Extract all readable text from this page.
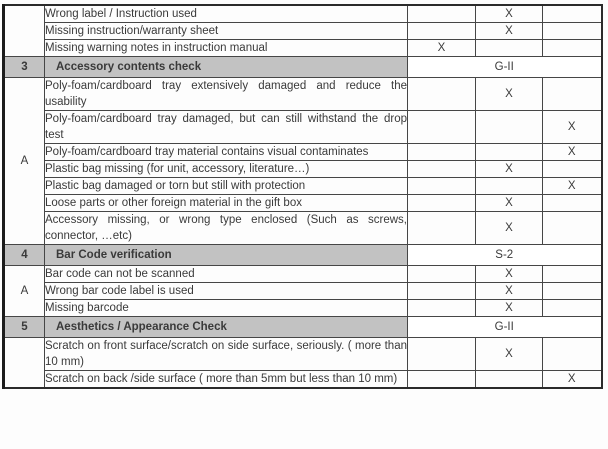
	Wrong label / Instruction used		X	
	Missing instruction/warranty sheet		X	
	Missing warning notes in instruction manual	X		
3	Accessory contents check	G-II		
A	Poly-foam/cardboard tray extensively damaged and reduce the usability		X	
	Poly-foam/cardboard tray damaged, but can still withstand the drop test			X
	Poly-foam/cardboard tray material contains visual contaminates			X
	Plastic bag missing (for unit, accessory, literature…)		X	
	Plastic bag damaged or torn but still with protection			X
	Loose parts or other foreign material in the gift box		X	
	Accessory missing, or wrong type enclosed (Such as screws, connector, …etc)		X	
4	Bar Code verification	S-2		
A	Bar code can not be scanned		X	
	Wrong bar code label is used		X	
	Missing barcode		X	
5	Aesthetics / Appearance Check	G-II		
	Scratch on front surface/scratch on side surface, seriously. ( more than 10 mm)		X	
	Scratch on back /side surface ( more than 5mm but less than 10 mm)			X
